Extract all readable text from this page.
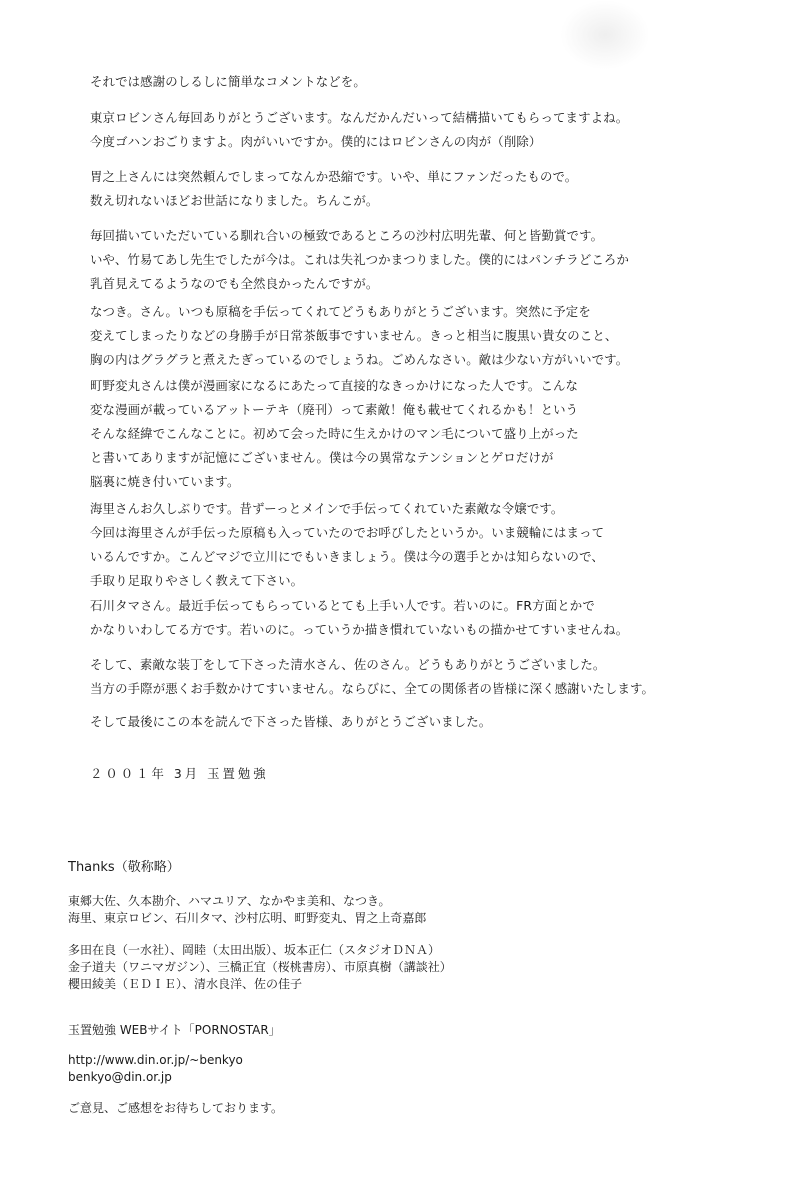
それでは感謝のしるしに簡単なコメントなどを。
東京ロビンさん毎回ありがとうございます。なんだかんだいって結構描いてもらってますよね。
今度ゴハンおごりますよ。肉がいいですか。僕的にはロビンさんの肉が（削除）
胃之上さんには突然頼んでしまってなんか恐縮です。いや、単にファンだったもので。
数え切れないほどお世話になりました。ちんこが。
毎回描いていただいている馴れ合いの極致であるところの沙村広明先輩、何と皆勤賞です。
いや、竹易てあし先生でしたが今は。これは失礼つかまつりました。僕的にはパンチラどころか
乳首見えてるようなのでも全然良かったんですが。
なつき。さん。いつも原稿を手伝ってくれてどうもありがとうございます。突然に予定を
変えてしまったりなどの身勝手が日常茶飯事ですいません。きっと相当に腹黒い貴女のこと、
胸の内はグラグラと煮えたぎっているのでしょうね。ごめんなさい。敵は少ない方がいいです。
町野変丸さんは僕が漫画家になるにあたって直接的なきっかけになった人です。こんな
変な漫画が載っているアットーテキ（廃刊）って素敵！俺も載せてくれるかも！という
そんな経緯でこんなことに。初めて会った時に生えかけのマン毛について盛り上がった
と書いてありますが記憶にございません。僕は今の異常なテンションとゲロだけが
脳裏に焼き付いています。
海里さんお久しぶりです。昔ずーっとメインで手伝ってくれていた素敵な令嬢です。
今回は海里さんが手伝った原稿も入っていたのでお呼びしたというか。いま競輪にはまって
いるんですか。こんどマジで立川にでもいきましょう。僕は今の選手とかは知らないので、
手取り足取りやさしく教えて下さい。
石川タマさん。最近手伝ってもらっているとても上手い人です。若いのに。FR方面とかで
かなりいわしてる方です。若いのに。っていうか描き慣れていないもの描かせてすいませんね。
そして、素敵な装丁をして下さった清水さん、佐のさん。どうもありがとうございました。
当方の手際が悪くお手数かけてすいません。ならびに、全ての関係者の皆様に深く感謝いたします。
そして最後にこの本を読んで下さった皆様、ありがとうございました。
２００１年 3月 玉置勉強
Thanks（敬称略）
東郷大佐、久本勘介、ハマユリア、なかやま美和、なつき。
海里、東京ロビン、石川タマ、沙村広明、町野変丸、胃之上奇嘉郎
多田在良（一水社）、岡睦（太田出版）、坂本正仁（スタジオＤＮＡ）
金子道夫（ワニマガジン）、三橋正宜（桜桃書房）、市原真樹（講談社）
櫻田綾美（ＥＤＩＥ）、清水良洋、佐の佳子
玉置勉強 WEBサイト「PORNOSTAR」
http://www.din.or.jp/~benkyo
benkyo@din.or.jp
ご意見、ご感想をお待ちしております。
